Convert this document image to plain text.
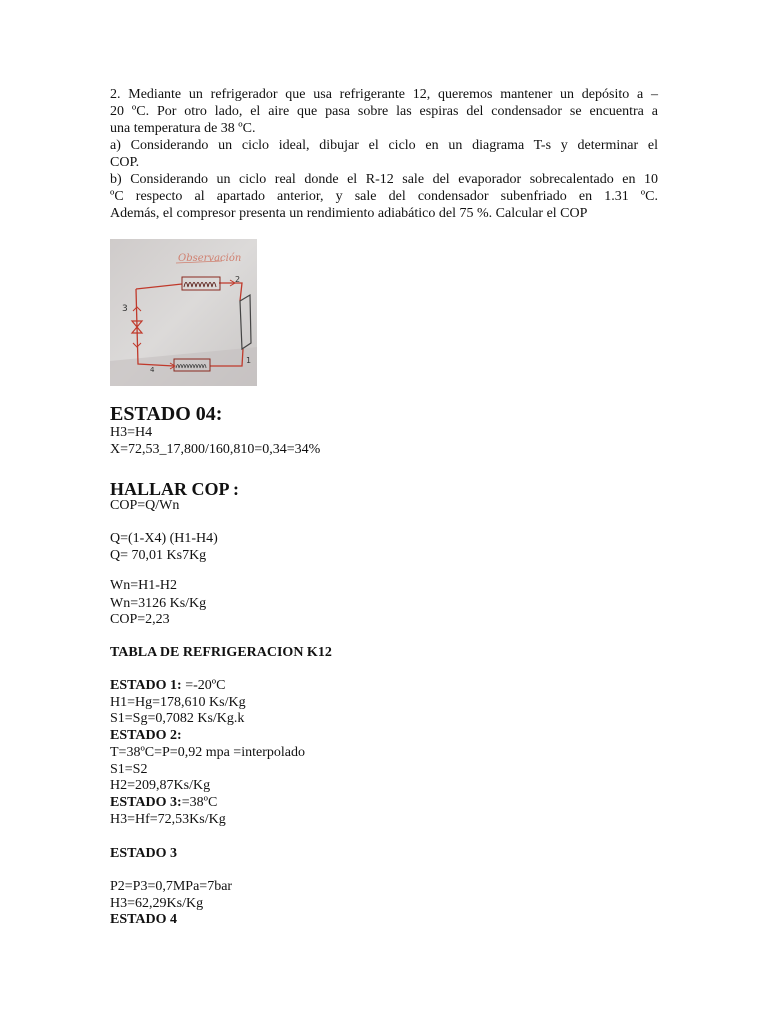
2. Mediante un refrigerador que usa refrigerante 12, queremos mantener un depósito a –
20 ºC. Por otro lado, el aire que pasa sobre las espiras del condensador se encuentra a
una temperatura de 38 ºC.
a) Considerando un ciclo ideal, dibujar el ciclo en un diagrama T-s y determinar el
COP.
b) Considerando un ciclo real donde el R-12 sale del evaporador sobrecalentado en 10
ºC respecto al apartado anterior, y sale del condensador subenfriado en 1.31 ºC.
Además, el compresor presenta un rendimiento adiabático del 75 %. Calcular el COP
Observación
1
2
3
4
ESTADO 04:
H3=H4
X=72,53_17,800/160,810=0,34=34%
HALLAR COP :
COP=Q/Wn
Q=(1-X4) (H1-H4)
Q= 70,01 Ks7Kg
Wn=H1-H2
Wn=3126 Ks/Kg
COP=2,23
TABLA DE REFRIGERACION K12
ESTADO 1: =-20ºC
H1=Hg=178,610 Ks/Kg
S1=Sg=0,7082 Ks/Kg.k
ESTADO 2:
T=38ºC=P=0,92 mpa =interpolado
S1=S2
H2=209,87Ks/Kg
ESTADO 3:=38ºC
H3=Hf=72,53Ks/Kg
ESTADO 3
P2=P3=0,7MPa=7bar
H3=62,29Ks/Kg
ESTADO 4
